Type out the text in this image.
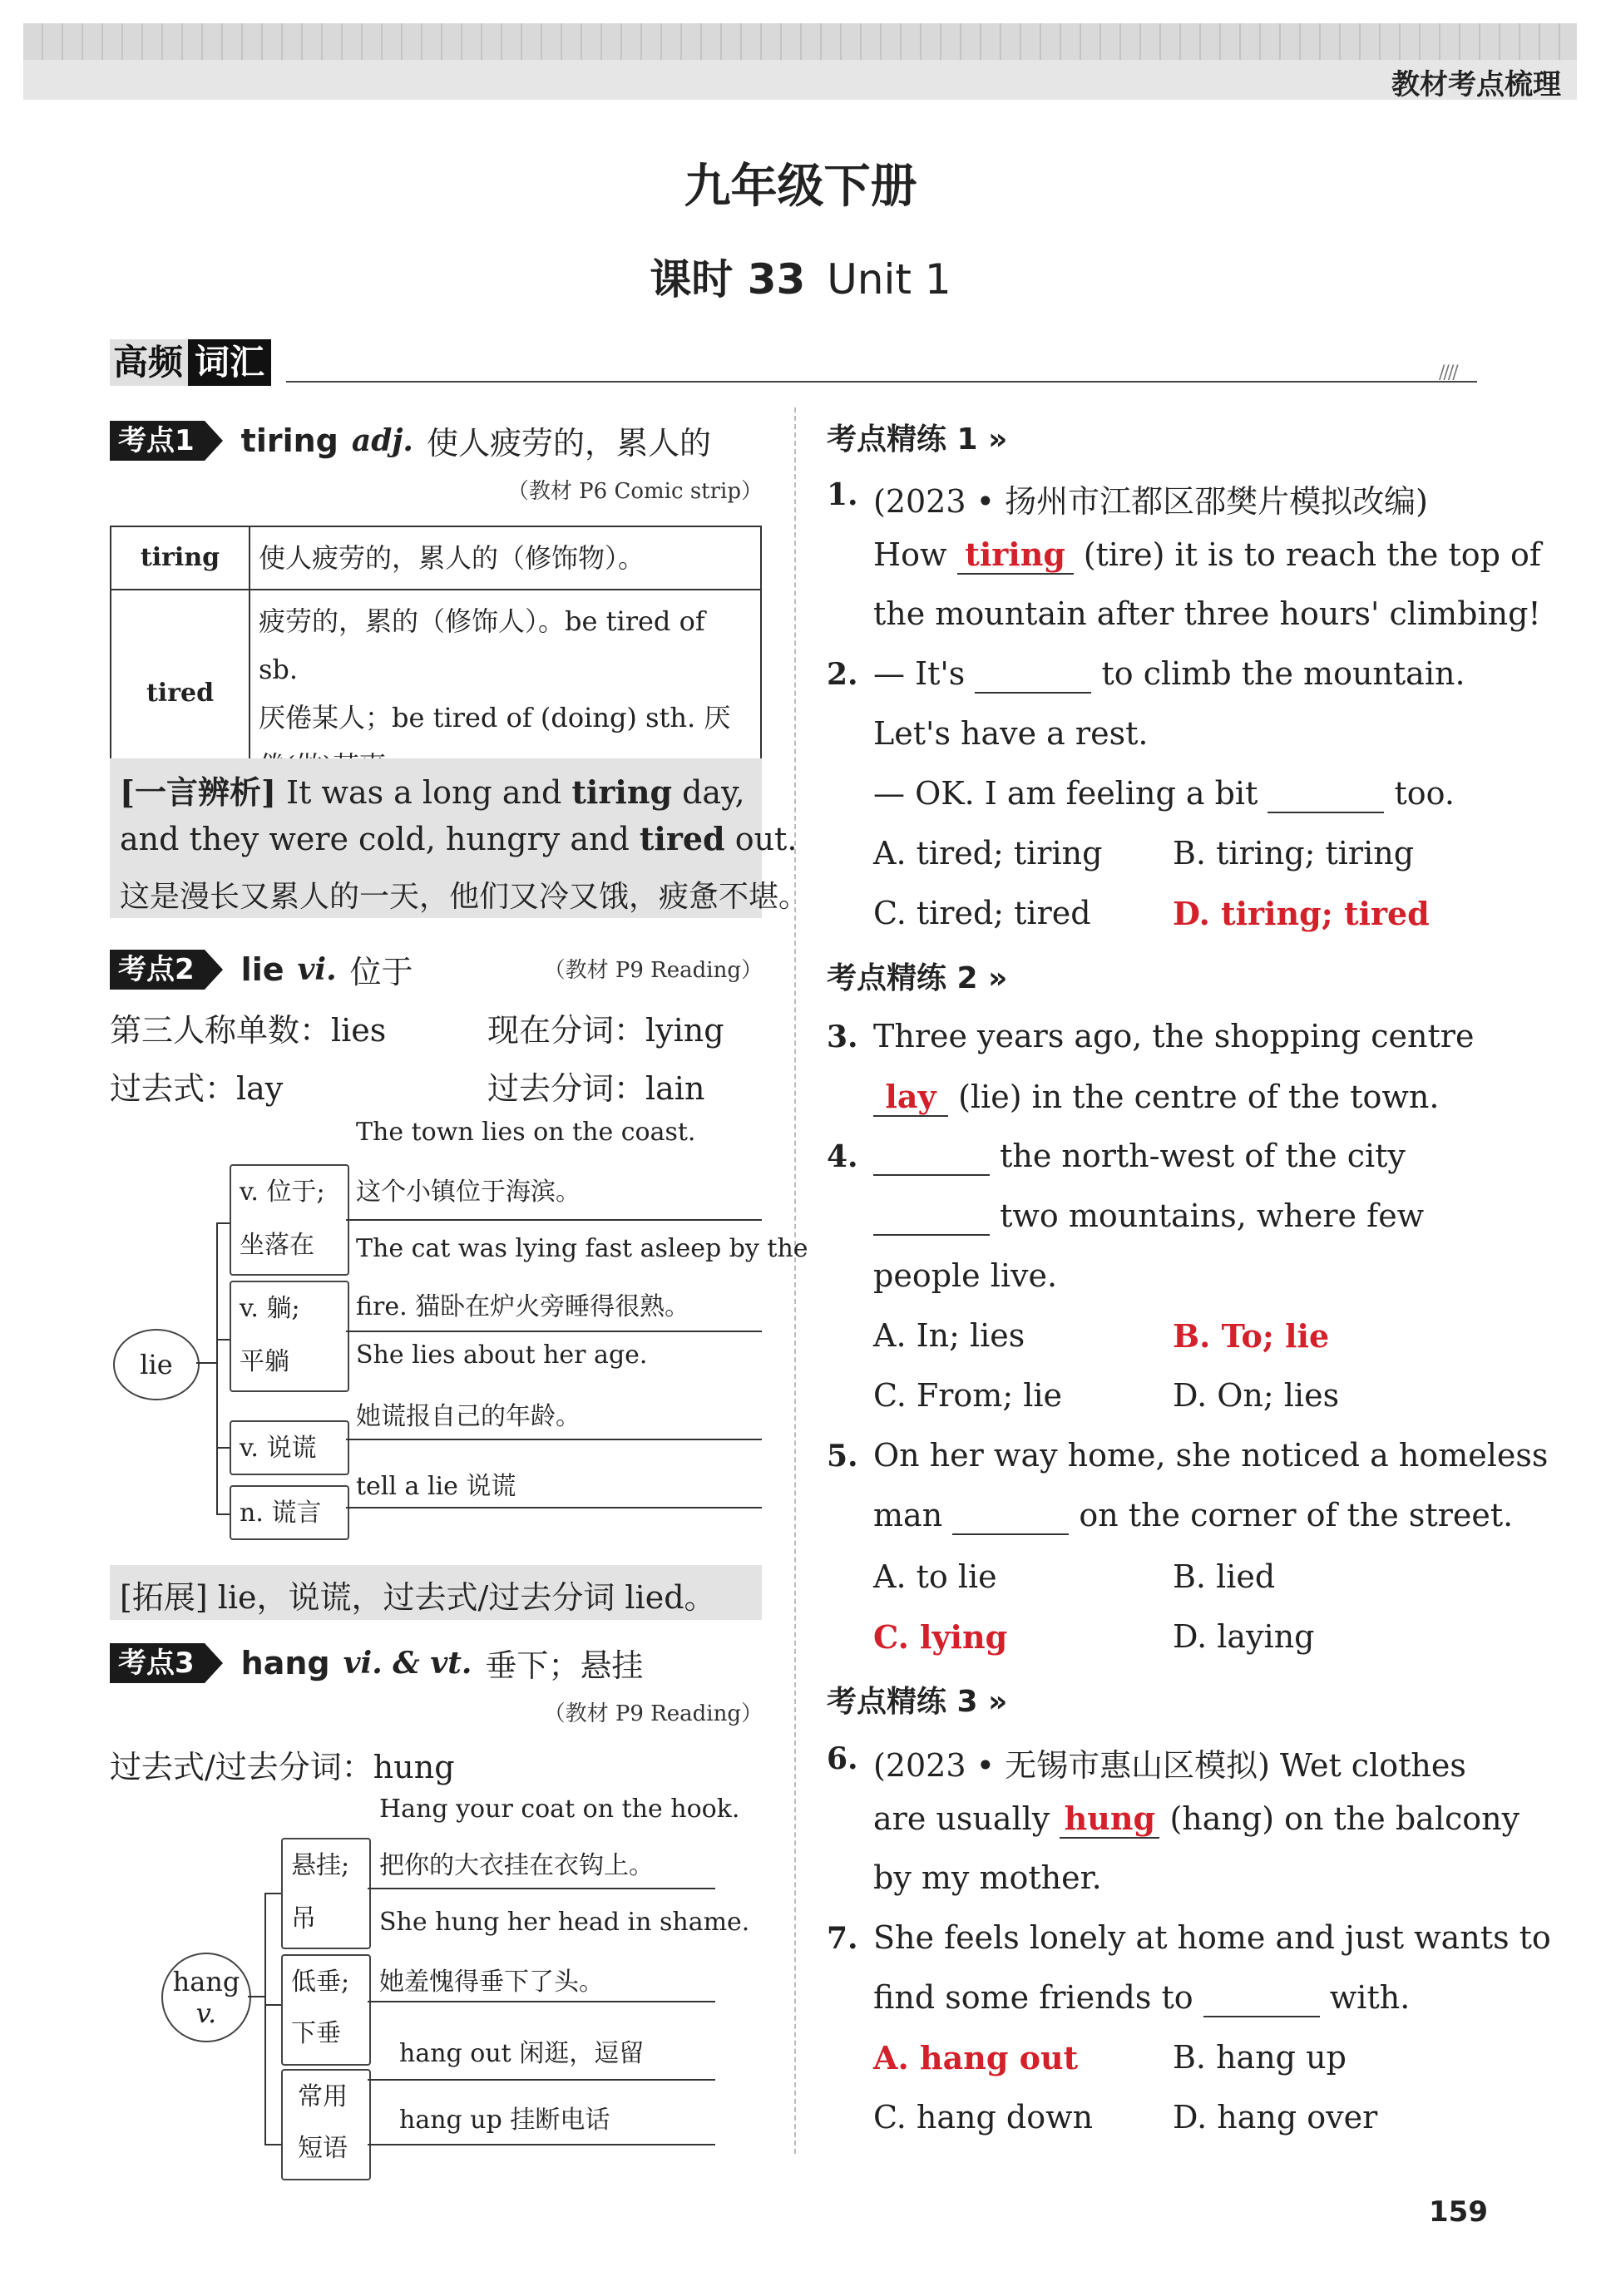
教材考点梳理
九年级下册
课时 33 Unit 1
高频 词汇	////
考点1	tiring adj. 使人疲劳的，累人的
（教材 P6 Comic strip）
tiring	使人疲劳的，累人的（修饰物）。
tired	疲劳的，累的（修饰人）。be tired of sb.
厌倦某人；be tired of (doing) sth. 厌
[一言辨析] It was a long and tiring day,
and they were cold, hungry and tired out.
这是漫长又累人的一天，他们又冷又饿，疲惫不堪。
考点2	lie vi. 位于	（教材 P9 Reading）
第三人称单数：lies	现在分词：lying
过去式：lay	过去分词：lain
lie
v. 位于;
坐落在
The town lies on the coast.
这个小镇位于海滨。
v. 躺;
平躺
The cat was lying fast asleep by the
fire. 猫卧在炉火旁睡得很熟。
v. 说谎
She lies about her age.
她谎报自己的年龄。
n. 谎言
tell a lie 说谎
[拓展] lie，说谎，过去式/过去分词 lied。
考点3	hang vi. & vt. 垂下；悬挂
（教材 P9 Reading）
过去式/过去分词：hung
hang
v.
悬挂;
吊
Hang your coat on the hook.
把你的大衣挂在衣钩上。
低垂;
下垂
She hung her head in shame.
她羞愧得垂下了头。
常用
短语
hang out 闲逛，逗留
hang up 挂断电话
考点精练 1 »
1. (2023 • 扬州市江都区邵樊片模拟改编)
How tiring (tire) it is to reach the top of
the mountain after three hours' climbing!
2. — It's	to climb the mountain.
Let's have a rest.
— OK. I am feeling a bit	too.
A. tired; tiring B. tiring; tiring
C. tired; tired	D. tiring; tired
考点精练 2 »
3. Three years ago, the shopping centre
lay (lie) in the centre of the town.
4.	the north-west of the city
two mountains, where few
people live.
A. In; lies	B. To; lie
C. From; lie	D. On; lies
5. On her way home, she noticed a homeless
man	on the corner of the street.
A. to lie	B. lied
C. lying	D. laying
考点精练 3 »
6. (2023 • 无锡市惠山区模拟) Wet clothes
are usually hung (hang) on the balcony
by my mother.
7. She feels lonely at home and just wants to
find some friends to	with.
A. hang out	B. hang up
C. hang down	D. hang over
159
